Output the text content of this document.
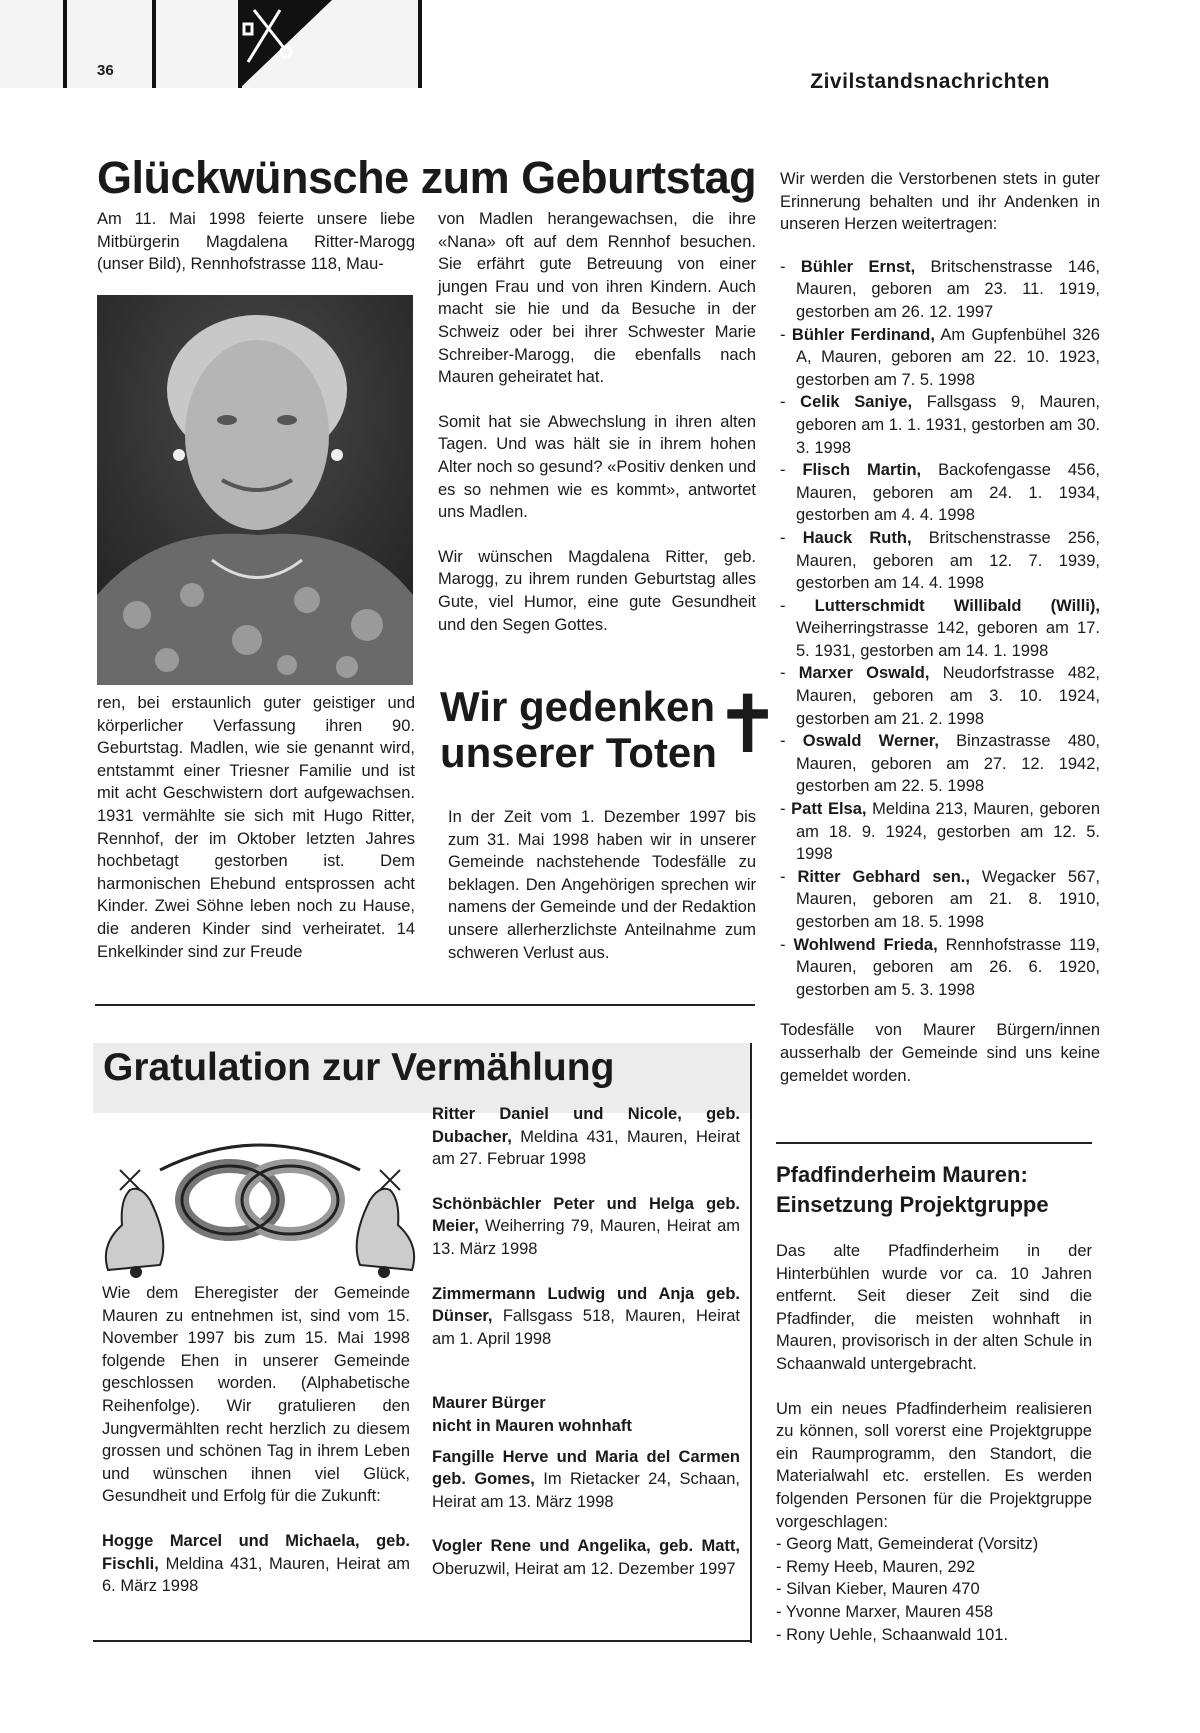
36	Zivilstandsnachrichten
Glückwünsche zum Geburtstag

Am 11. Mai 1998 feierte unsere liebe Mitbürgerin Magdalena Ritter-Marogg (unser Bild), Rennhofstrasse 118, Mau-

ren, bei erstaunlich guter geistiger und körperlicher Verfassung ihren 90. Geburtstag. Madlen, wie sie genannt wird, entstammt einer Triesner Familie und ist mit acht Geschwistern dort aufgewachsen. 1931 vermählte sie sich mit Hugo Ritter, Rennhof, der im Oktober letzten Jahres hochbetagt gestorben ist. Dem harmonischen Ehebund entsprossen acht Kinder. Zwei Söhne leben noch zu Hause, die anderen Kinder sind verheiratet. 14 Enkelkinder sind zur Freude

von Madlen herangewachsen, die ihre «Nana» oft auf dem Rennhof besuchen. Sie erfährt gute Betreuung von einer jungen Frau und von ihren Kindern. Auch macht sie hie und da Besuche in der Schweiz oder bei ihrer Schwester Marie Schreiber-Marogg, die ebenfalls nach Mauren geheiratet hat.

Somit hat sie Abwechslung in ihren alten Tagen. Und was hält sie in ihrem hohen Alter noch so gesund? «Positiv denken und es so nehmen wie es kommt», antwortet uns Madlen.

Wir wünschen Magdalena Ritter, geb. Marogg, zu ihrem runden Geburtstag alles Gute, viel Humor, eine gute Gesundheit und den Segen Gottes.

Wir gedenken
unserer Toten
✝

In der Zeit vom 1. Dezember 1997 bis zum 31. Mai 1998 haben wir in unserer Gemeinde nachstehende Todesfälle zu beklagen. Den Angehörigen sprechen wir namens der Gemeinde und der Redaktion unsere allerherzlichste Anteilnahme zum schweren Verlust aus.

Wir werden die Verstorbenen stets in guter Erinnerung behalten und ihr Andenken in unseren Herzen weitertragen:

- Bühler Ernst, Britschenstrasse 146, Mauren, geboren am 23. 11. 1919, gestorben am 26. 12. 1997

- Bühler Ferdinand, Am Gupfenbühel 326 A, Mauren, geboren am 22. 10. 1923, gestorben am 7. 5. 1998

- Celik Saniye, Fallsgass 9, Mauren, geboren am 1. 1. 1931, gestorben am 30. 3. 1998

- Flisch Martin, Backofengasse 456, Mauren, geboren am 24. 1. 1934, gestorben am 4. 4. 1998

- Hauck Ruth, Britschenstrasse 256, Mauren, geboren am 12. 7. 1939, gestorben am 14. 4. 1998

- Lutterschmidt Willibald (Willi), Weiherringstrasse 142, geboren am 17. 5. 1931, gestorben am 14. 1. 1998

- Marxer Oswald, Neudorfstrasse 482, Mauren, geboren am 3. 10. 1924, gestorben am 21. 2. 1998

- Oswald Werner, Binzastrasse 480, Mauren, geboren am 27. 12. 1942, gestorben am 22. 5. 1998

- Patt Elsa, Meldina 213, Mauren, geboren am 18. 9. 1924, gestorben am 12. 5. 1998

- Ritter Gebhard sen., Wegacker 567, Mauren, geboren am 21. 8. 1910, gestorben am 18. 5. 1998

- Wohlwend Frieda, Rennhofstrasse 119, Mauren, geboren am 26. 6. 1920, gestorben am 5. 3. 1998

Todesfälle von Maurer Bürgern/innen ausserhalb der Gemeinde sind uns keine gemeldet worden.

Gratulation zur Vermählung

Wie dem Eheregister der Gemeinde Mauren zu entnehmen ist, sind vom 15. November 1997 bis zum 15. Mai 1998 folgende Ehen in unserer Gemeinde geschlossen worden. (Alphabetische Reihenfolge). Wir gratulieren den Jungvermählten recht herzlich zu diesem grossen und schönen Tag in ihrem Leben und wünschen ihnen viel Glück, Gesundheit und Erfolg für die Zukunft:

Hogge Marcel und Michaela, geb. Fischli, Meldina 431, Mauren, Heirat am 6. März 1998

Ritter Daniel und Nicole, geb. Dubacher, Meldina 431, Mauren, Heirat am 27. Februar 1998

Schönbächler Peter und Helga geb. Meier, Weiherring 79, Mauren, Heirat am 13. März 1998

Zimmermann Ludwig und Anja geb. Dünser, Fallsgass 518, Mauren, Heirat am 1. April 1998

Maurer Bürger

nicht in Mauren wohnhaft

Fangille Herve und Maria del Carmen geb. Gomes, Im Rietacker 24, Schaan, Heirat am 13. März 1998

Vogler Rene und Angelika, geb. Matt, Oberuzwil, Heirat am 12. Dezember 1997

Pfadfinderheim Mauren:
Einsetzung Projektgruppe

Das alte Pfadfinderheim in der Hinterbühlen wurde vor ca. 10 Jahren entfernt. Seit dieser Zeit sind die Pfadfinder, die meisten wohnhaft in Mauren, provisorisch in der alten Schule in Schaanwald untergebracht.

Um ein neues Pfadfinderheim realisieren zu können, soll vorerst eine Projektgruppe ein Raumprogramm, den Standort, die Materialwahl etc. erstellen. Es werden folgenden Personen für die Projektgruppe vorgeschlagen:

- Georg Matt, Gemeinderat (Vorsitz)

- Remy Heeb, Mauren, 292

- Silvan Kieber, Mauren 470

- Yvonne Marxer, Mauren 458

- Rony Uehle, Schaanwald 101.
